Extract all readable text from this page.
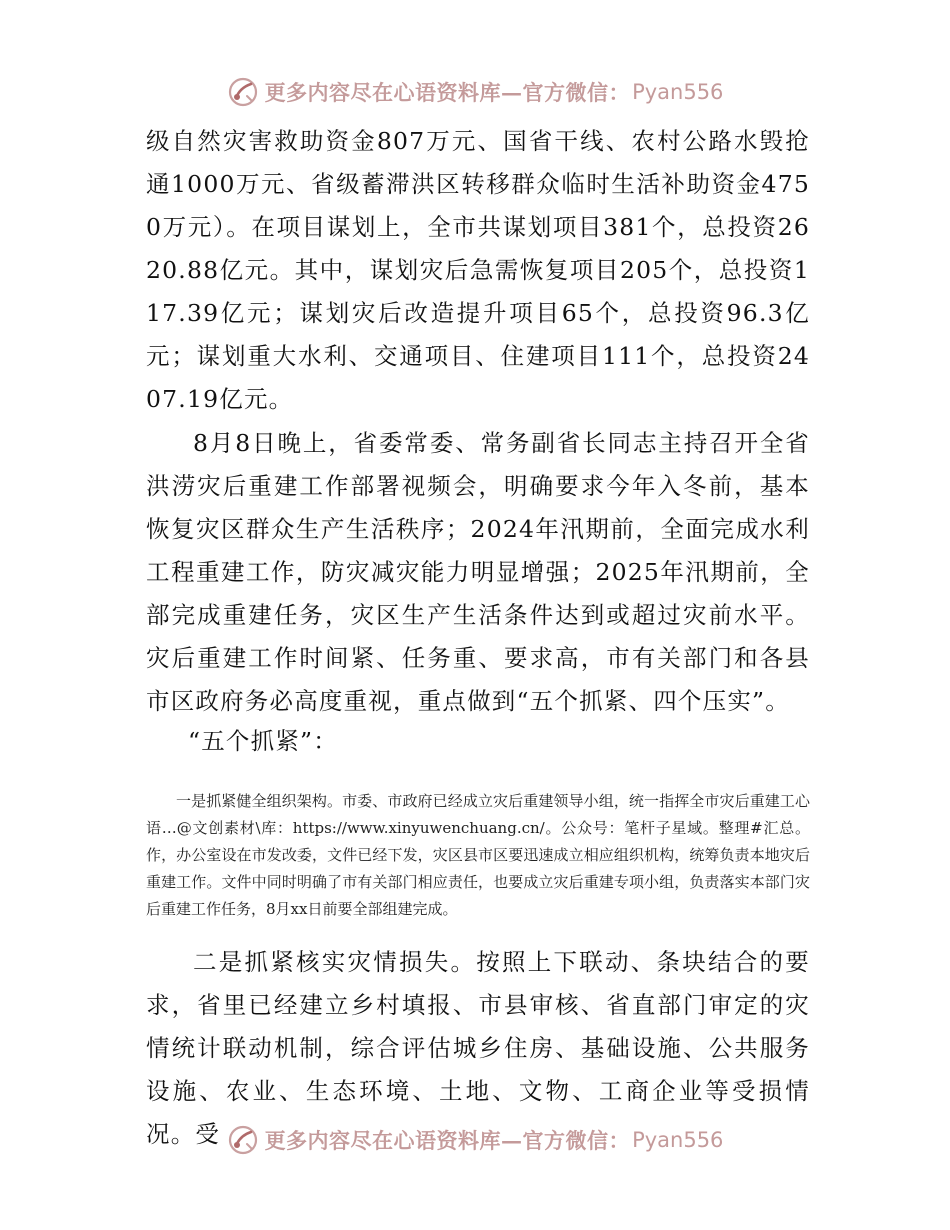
更多内容尽在心语资料库—官方微信： Pyan556

级自然灾害救助资金807万元、国省干线、农村公路水毁抢通1000万元、省级蓄滞洪区转移群众临时生活补助资金4750万元）。在项目谋划上，全市共谋划项目381个，总投资2620.88亿元。其中，谋划灾后急需恢复项目205个，总投资117.39亿元；谋划灾后改造提升项目65个，总投资96.3亿元；谋划重大水利、交通项目、住建项目111个，总投资2407.19亿元。

8月8日晚上，省委常委、常务副省长同志主持召开全省洪涝灾后重建工作部署视频会，明确要求今年入冬前，基本恢复灾区群众生产生活秩序；2024年汛期前，全面完成水利工程重建工作，防灾减灾能力明显增强；2025年汛期前，全部完成重建任务，灾区生产生活条件达到或超过灾前水平。灾后重建工作时间紧、任务重、要求高，市有关部门和各县市区政府务必高度重视，重点做到“五个抓紧、四个压实”。

“五个抓紧”：

一是抓紧健全组织架构。市委、市政府已经成立灾后重建领导小组，统一指挥全市灾后重建工心语…@文创素材\库：https://www.xinyuwenchuang.cn/。公众号：笔杆子星域。整理#汇总。作，办公室设在市发改委，文件已经下发，灾区县市区要迅速成立相应组织机构，统筹负责本地灾后重建工作。文件中同时明确了市有关部门相应责任，也要成立灾后重建专项小组，负责落实本部门灾后重建工作任务，8月xx日前要全部组建完成。

二是抓紧核实灾情损失。按照上下联动、条块结合的要求，省里已经建立乡村填报、市县审核、省直部门审定的灾情统计联动机制，综合评估城乡住房、基础设施、公共服务设施、农业、生态环境、土地、文物、工商企业等受损情况。受	更多内容尽在心语资料库—官方微信： Pyan556
